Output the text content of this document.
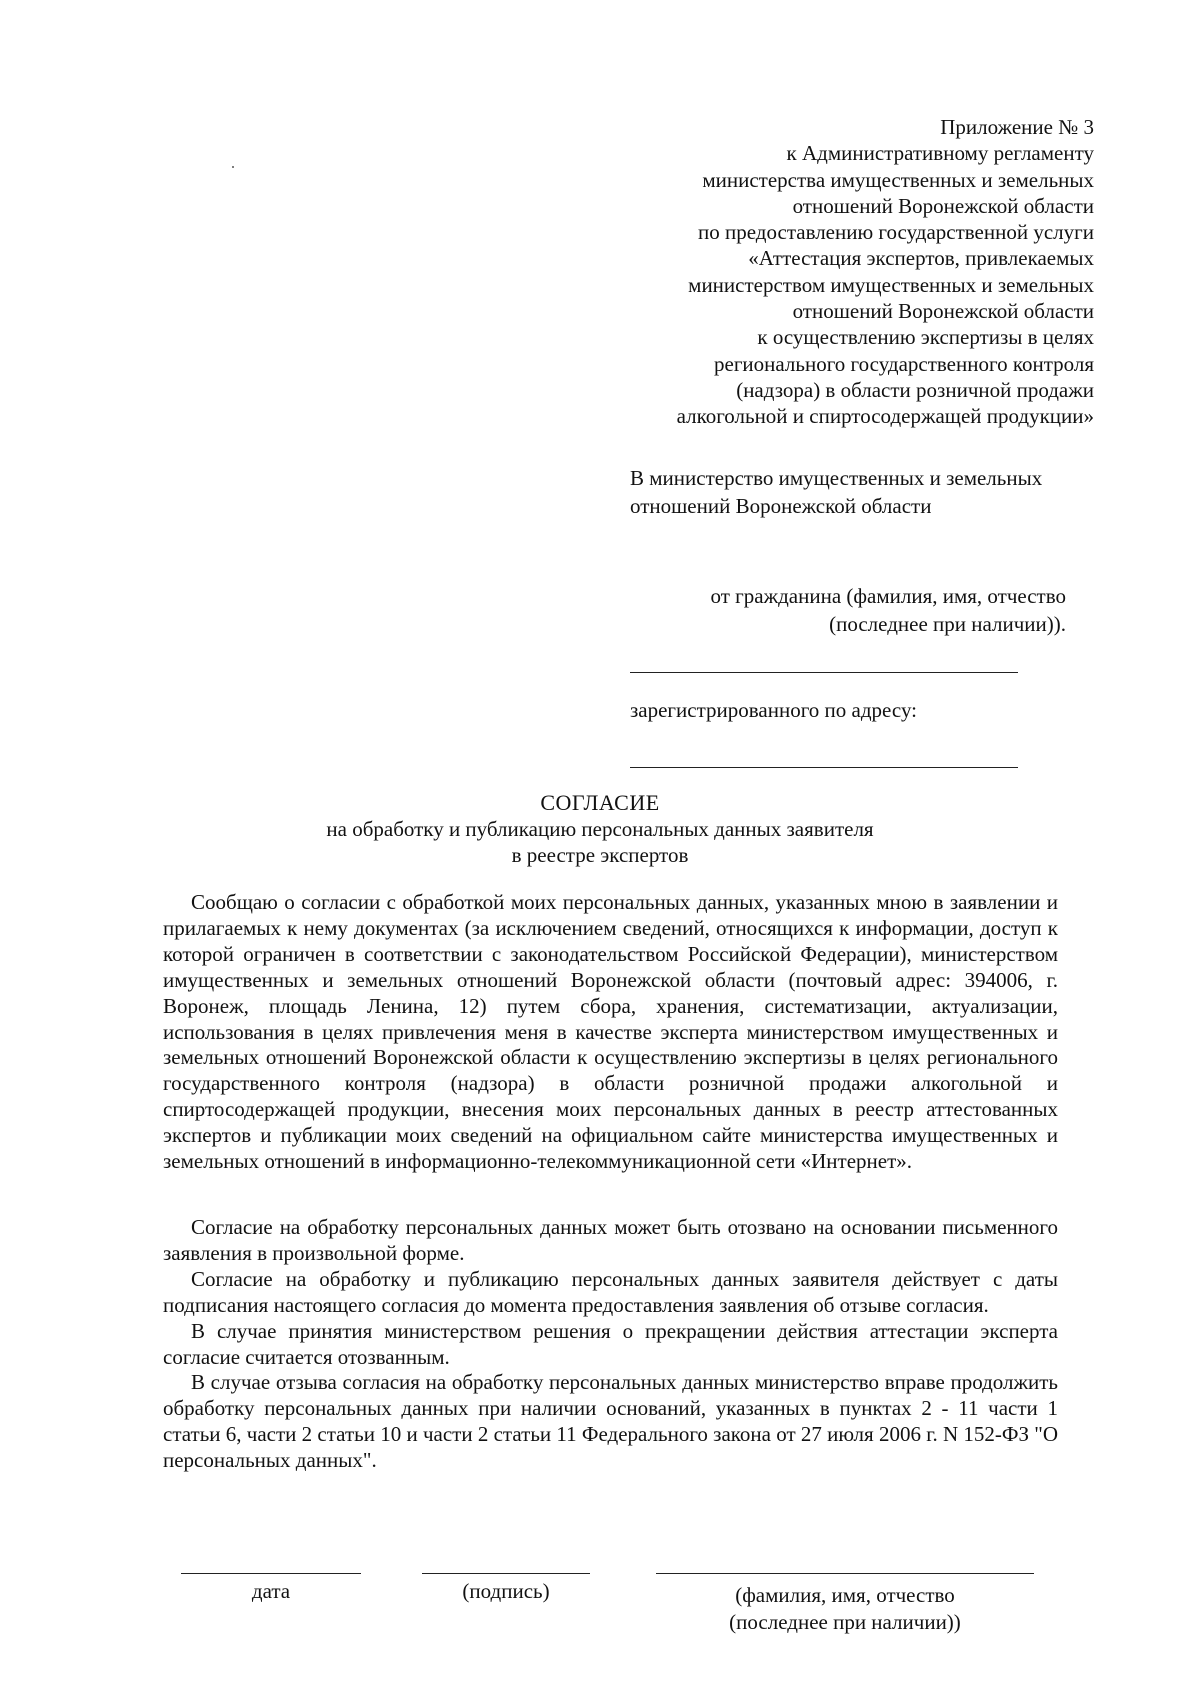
Приложение № 3
к Административному регламенту
министерства имущественных и земельных
отношений Воронежской области
по предоставлению государственной услуги
«Аттестация экспертов, привлекаемых
министерством имущественных и земельных
отношений Воронежской области
к осуществлению экспертизы в целях
регионального государственного контроля
(надзора) в области розничной продажи
алкогольной и спиртосодержащей продукции»
В министерство имущественных и земельных
отношений Воронежской области
от гражданина (фамилия, имя, отчество
(последнее при наличии)).
зарегистрированного по адресу:
СОГЛАСИЕ
на обработку и публикацию персональных данных заявителя
в реестре экспертов

Сообщаю о согласии с обработкой моих персональных данных, указанных мною в заявлении и прилагаемых к нему документах (за исключением сведений, относящихся к информации, доступ к которой ограничен в соответствии с законодательством Российской Федерации), министерством имущественных и земельных отношений Воронежской области (почтовый адрес: 394006, г. Воронеж, площадь Ленина, 12) путем сбора, хранения, систематизации, актуализации, использования в целях привлечения меня в качестве эксперта министерством имущественных и земельных отношений Воронежской области к осуществлению экспертизы в целях регионального государственного контроля (надзора) в области розничной продажи алкогольной и спиртосодержащей продукции, внесения моих персональных данных в реестр аттестованных экспертов и публикации моих сведений на официальном сайте министерства имущественных и земельных отношений в информационно-телекоммуникационной сети «Интернет».

Согласие на обработку персональных данных может быть отозвано на основании письменного заявления в произвольной форме.

Согласие на обработку и публикацию персональных данных заявителя действует с даты подписания настоящего согласия до момента предоставления заявления об отзыве согласия.

В случае принятия министерством решения о прекращении действия аттестации эксперта согласие считается отозванным.

В случае отзыва согласия на обработку персональных данных министерство вправе продолжить обработку персональных данных при наличии оснований, указанных в пунктах 2 - 11 части 1 статьи 6, части 2 статьи 10 и части 2 статьи 11 Федерального закона от 27 июля 2006 г. N 152-ФЗ "О персональных данных".

дата	(подпись)	(фамилия, имя, отчество
(последнее при наличии))
